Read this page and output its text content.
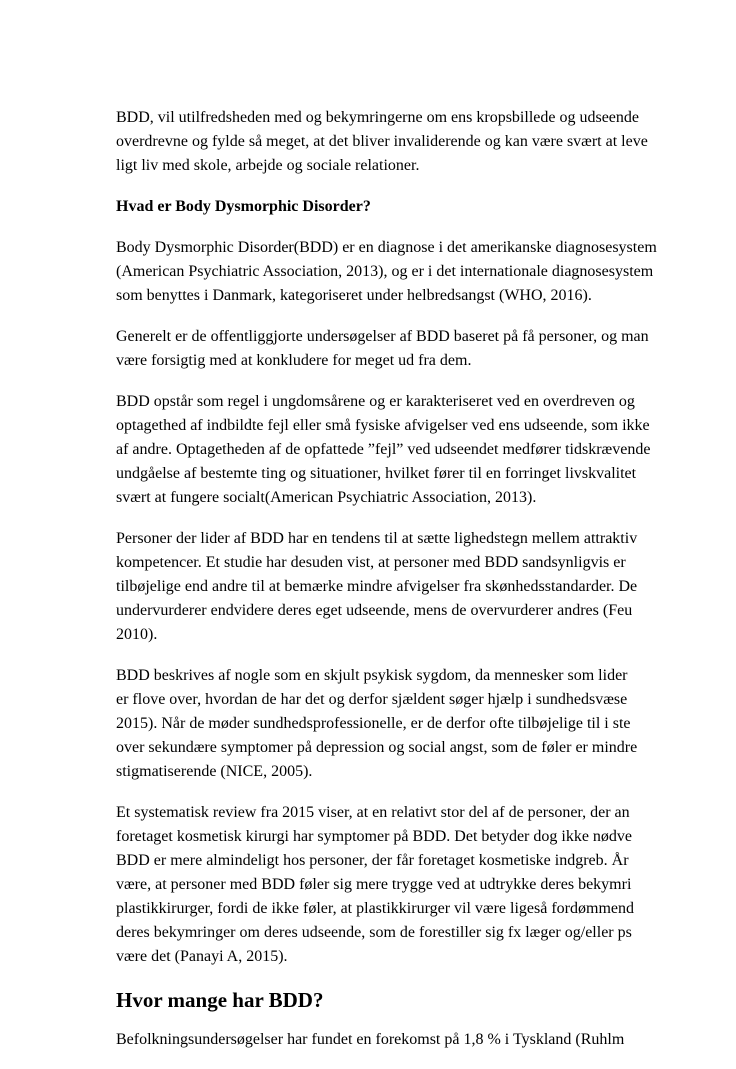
BDD, vil utilfredsheden med og bekymringerne om ens kropsbillede og udseende
overdrevne og fylde så meget, at det bliver invaliderende og kan være svært at leve
ligt liv med skole, arbejde og sociale relationer.
Hvad er Body Dysmorphic Disorder?
Body Dysmorphic Disorder(BDD) er en diagnose i det amerikanske diagnosesystem
(American Psychiatric Association, 2013), og er i det internationale diagnosesystem
som benyttes i Danmark, kategoriseret under helbredsangst (WHO, 2016).
Generelt er de offentliggjorte undersøgelser af BDD baseret på få personer, og man
være forsigtig med at konkludere for meget ud fra dem.
BDD opstår som regel i ungdomsårene og er karakteriseret ved en overdreven og
optagethed af indbildte fejl eller små fysiske afvigelser ved ens udseende, som ikke
af andre. Optagetheden af de opfattede ”fejl” ved udseendet medfører tidskrævende
undgåelse af bestemte ting og situationer, hvilket fører til en forringet livskvalitet
svært at fungere socialt(American Psychiatric Association, 2013).
Personer der lider af BDD har en tendens til at sætte lighedstegn mellem attraktiv
kompetencer. Et studie har desuden vist, at personer med BDD sandsynligvis er
tilbøjelige end andre til at bemærke mindre afvigelser fra skønhedsstandarder. De
undervurderer endvidere deres eget udseende, mens de overvurderer andres (Feu
2010).
BDD beskrives af nogle som en skjult psykisk sygdom, da mennesker som lider
er flove over, hvordan de har det og derfor sjældent søger hjælp i sundhedsvæse
2015). Når de møder sundhedsprofessionelle, er de derfor ofte tilbøjelige til i ste
over sekundære symptomer på depression og social angst, som de føler er mindre
stigmatiserende (NICE, 2005).
Et systematisk review fra 2015 viser, at en relativt stor del af de personer, der an
foretaget kosmetisk kirurgi har symptomer på BDD. Det betyder dog ikke nødve
BDD er mere almindeligt hos personer, der får foretaget kosmetiske indgreb. År
være, at personer med BDD føler sig mere trygge ved at udtrykke deres bekymri
plastikkirurger, fordi de ikke føler, at plastikkirurger vil være ligeså fordømmend
deres bekymringer om deres udseende, som de forestiller sig fx læger og/eller ps
være det (Panayi A, 2015).
Hvor mange har BDD?
Befolkningsundersøgelser har fundet en forekomst på 1,8 % i Tyskland (Ruhlm
